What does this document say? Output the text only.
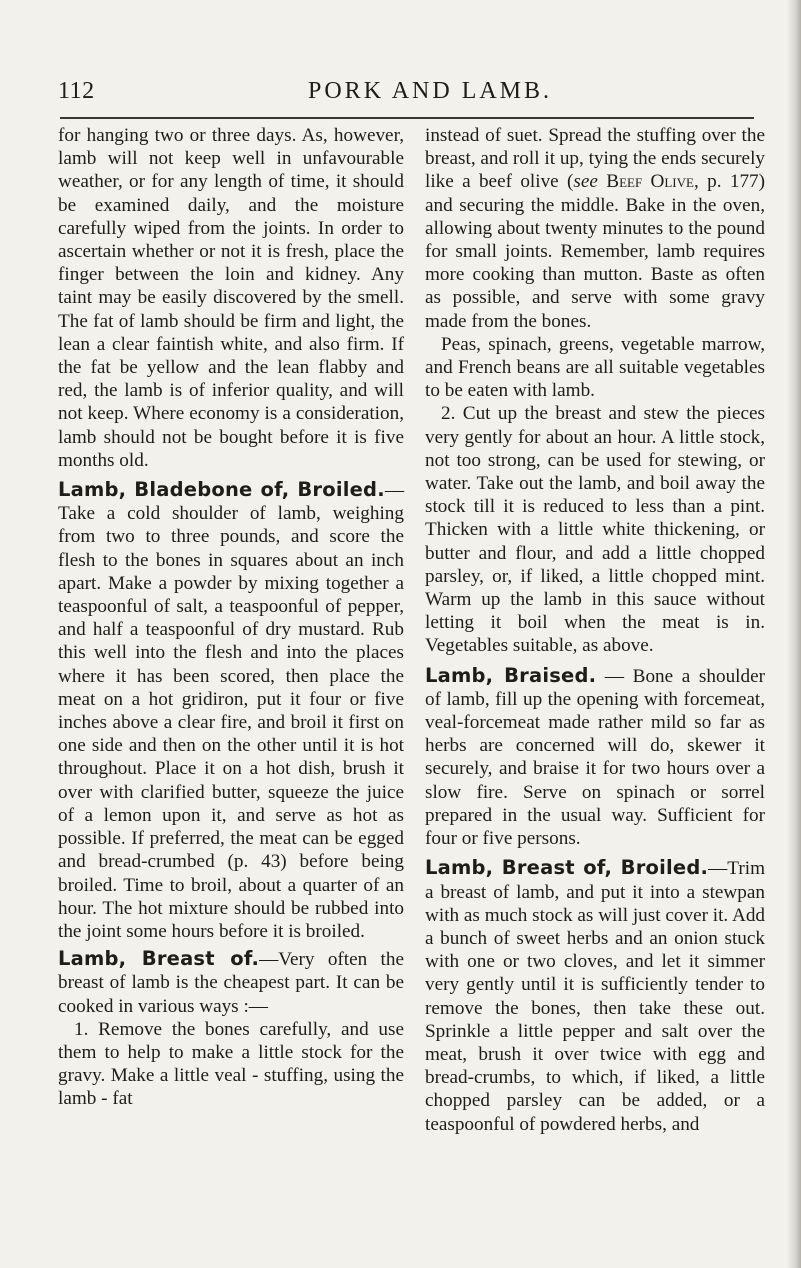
112	PORK AND LAMB.

for hanging two or three days. As, however, lamb will not keep well in unfavourable weather, or for any length of time, it should be examined daily, and the moisture carefully wiped from the joints. In order to ascertain whether or not it is fresh, place the finger between the loin and kidney. Any taint may be easily discovered by the smell. The fat of lamb should be firm and light, the lean a clear faintish white, and also firm. If the fat be yellow and the lean flabby and red, the lamb is of inferior quality, and will not keep. Where economy is a consideration, lamb should not be bought before it is five months old.

Lamb, Bladebone of, Broiled.—Take a cold shoulder of lamb, weighing from two to three pounds, and score the flesh to the bones in squares about an inch apart. Make a powder by mixing together a teaspoonful of salt, a teaspoonful of pepper, and half a teaspoonful of dry mustard. Rub this well into the flesh and into the places where it has been scored, then place the meat on a hot gridiron, put it four or five inches above a clear fire, and broil it first on one side and then on the other until it is hot throughout. Place it on a hot dish, brush it over with clarified butter, squeeze the juice of a lemon upon it, and serve as hot as possible. If preferred, the meat can be egged and bread-crumbed (p. 43) before being broiled. Time to broil, about a quarter of an hour. The hot mixture should be rubbed into the joint some hours before it is broiled.

Lamb, Breast of.—Very often the breast of lamb is the cheapest part. It can be cooked in various ways :—

1. Remove the bones carefully, and use them to help to make a little stock for the gravy. Make a little veal - stuffing, using the lamb - fat

instead of suet. Spread the stuffing over the breast, and roll it up, tying the ends securely like a beef olive (see Beef Olive, p. 177) and securing the middle. Bake in the oven, allowing about twenty minutes to the pound for small joints. Remember, lamb requires more cooking than mutton. Baste as often as possible, and serve with some gravy made from the bones.

Peas, spinach, greens, vegetable marrow, and French beans are all suitable vegetables to be eaten with lamb.

2. Cut up the breast and stew the pieces very gently for about an hour. A little stock, not too strong, can be used for stewing, or water. Take out the lamb, and boil away the stock till it is reduced to less than a pint. Thicken with a little white thickening, or butter and flour, and add a little chopped parsley, or, if liked, a little chopped mint. Warm up the lamb in this sauce without letting it boil when the meat is in. Vegetables suitable, as above.

Lamb, Braised. — Bone a shoulder of lamb, fill up the opening with forcemeat, veal-forcemeat made rather mild so far as herbs are concerned will do, skewer it securely, and braise it for two hours over a slow fire. Serve on spinach or sorrel prepared in the usual way. Sufficient for four or five persons.

Lamb, Breast of, Broiled.—Trim a breast of lamb, and put it into a stewpan with as much stock as will just cover it. Add a bunch of sweet herbs and an onion stuck with one or two cloves, and let it simmer very gently until it is sufficiently tender to remove the bones, then take these out. Sprinkle a little pepper and salt over the meat, brush it over twice with egg and bread-crumbs, to which, if liked, a little chopped parsley can be added, or a teaspoonful of powdered herbs, and
